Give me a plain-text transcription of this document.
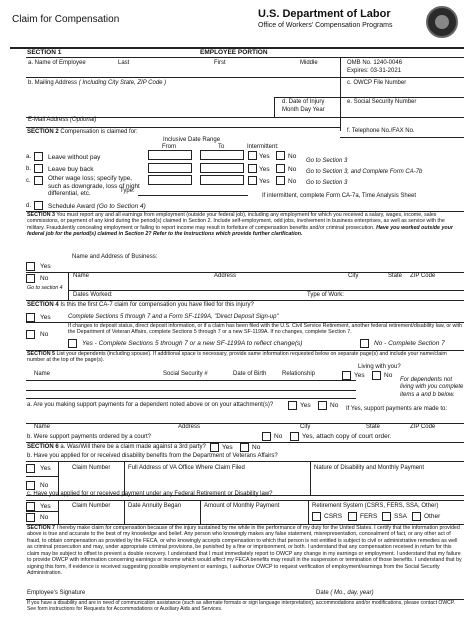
Claim for Compensation	U.S. Department of Labor
Office of Workers' Compensation Programs
SECTION 1	EMPLOYEE PORTION
a. Name of Employee	Last	First	Middle	OMB No. 1240-0046
Expires: 03-31-2021
b. Mailing Address ( Including City State, ZIP Code )	c. OWCP File Number
d. Date of Injury
Month Day Year
e. Social Security Number
E-Mail Address (Optional)
f. Telephone No./FAX No.
SECTION 2 Compensation is claimed for:
Inclusive Date Range
To
From	Intermittent:
a.	Leave without pay	Yes	No
Go to Section 3
b.	Leave buy back	Yes	No Go to Section 3, and Complete Form CA-7b
c.	Other wage loss; specify type, such as downgrade, loss of night differential, etc.
Yes	No Go to Section 3
Type:
If intermittent, complete Form CA-7a, Time Analysis Sheet
d.	Schedule Award (Go to Section 4)
SECTION 3 You must report any and all earnings from employment (outside your federal job), including any employment for which you received a salary, wages, income, sales commissions, or payment of any kind during the period(s) claimed in Section 2. Include self-employment, odd jobs, involvement in business enterprises, as well as service with the military. Fraudulently concealing employment or failing to report income may result in forfeiture of compensation benefits and/or criminal prosecution. Have you worked outside your federal job for the period(s) claimed in Section 2? Refer to the Instructions which provide further clarification.
Name and Address of Business:
Yes
No
Go to section 4
Name	Address	City	State ZIP Code
Dates Worked:	Type of Work:
SECTION 4 Is this the first CA-7 claim for compensation you have filed for this injury?
Yes	Complete Sections 5 through 7 and a Form SF-1199A, "Direct Deposit Sign-up"
No
If changes to deposit status, direct deposit information, or if a claim has been filed with the U.S. Civil Service Retirement, another federal retirement/disability law, or with the Department of Veteran Affairs, complete Sections 5 through 7 or a new SF-1199A. If no changes, complete Section 7.
Yes - Complete Sections 5 through 7 or a new SF-1199A to reflect change(s)	No - Complete Section 7
SECTION 5 List your dependents (including spouse). If additional space is necessary, provide same information requested below on separate page(s) and include your name/claim number at the top of the page(s).
Living with you?
Name	Social Security #	Date of Birth	Relationship	Yes	No
For dependents not living with you complete items a and b below.
a. Are you making support payments for a dependent noted above or on your attachment(s)?	Yes	No If Yes, support payments are made to:
Name	Address	City	State	ZIP Code
b. Were support payments ordered by a court?	No	Yes, attach copy of court order.
SECTION 6 a. Was/Will there be a claim made against a 3rd party? Yes	No
b. Have you applied for or received disability benefits from the Department of Veterans Affairs?
Yes	Claim Number	Full Address of VA Office Where Claim Filed	Nature of Disability and Monthly Payment
No
c. Have you applied for or received payment under any Federal Retirement or Disability law?
Yes	Claim Number	Date Annuity Began	Amount of Monthly Payment	Retirement System (CSRS, FERS, SSA, Other)
No	CSRS	FERS	SSA	Other
SECTION 7 I hereby make claim for compensation because of the injury sustained by me while in the performance of my duty for the United States. I certify that the information provided above is true and accurate to the best of my knowledge and belief. Any person who knowingly makes any false statement, misrepresentation, concealment of fact, or any other act of fraud, to obtain compensation as provided by the FECA, or who knowingly accepts compensation to which that person is not entitled is subject to civil or administrative remedies as well as criminal prosecution and may, under appropriate criminal provisions, be punished by a fine or imprisonment, or both. I understand that any compensation received in return for this claim may be subject to offset to prevent a double recovery. I understand that I must immediately report to OWCP any change in my earnings or employment. I understand that my failure to provide OWCP with information concerning earnings or income which would affect my FECA benefits may result in the suspension or termination of those benefits. I understand that by signing this form, if evidence is received suggesting possible employment or earnings, I authorize OWCP to request verification of employment/earnings from the Social Security Administration.
Employee's Signature	Date ( Mo., day, year)
If you have a disability and are in need of communication assistance (such as alternate formats or sign language interpretation), accommodations and/or modifications, please contact OWCP. See form instructions for Requests for Accommodations or Auxiliary Aids and Services.
